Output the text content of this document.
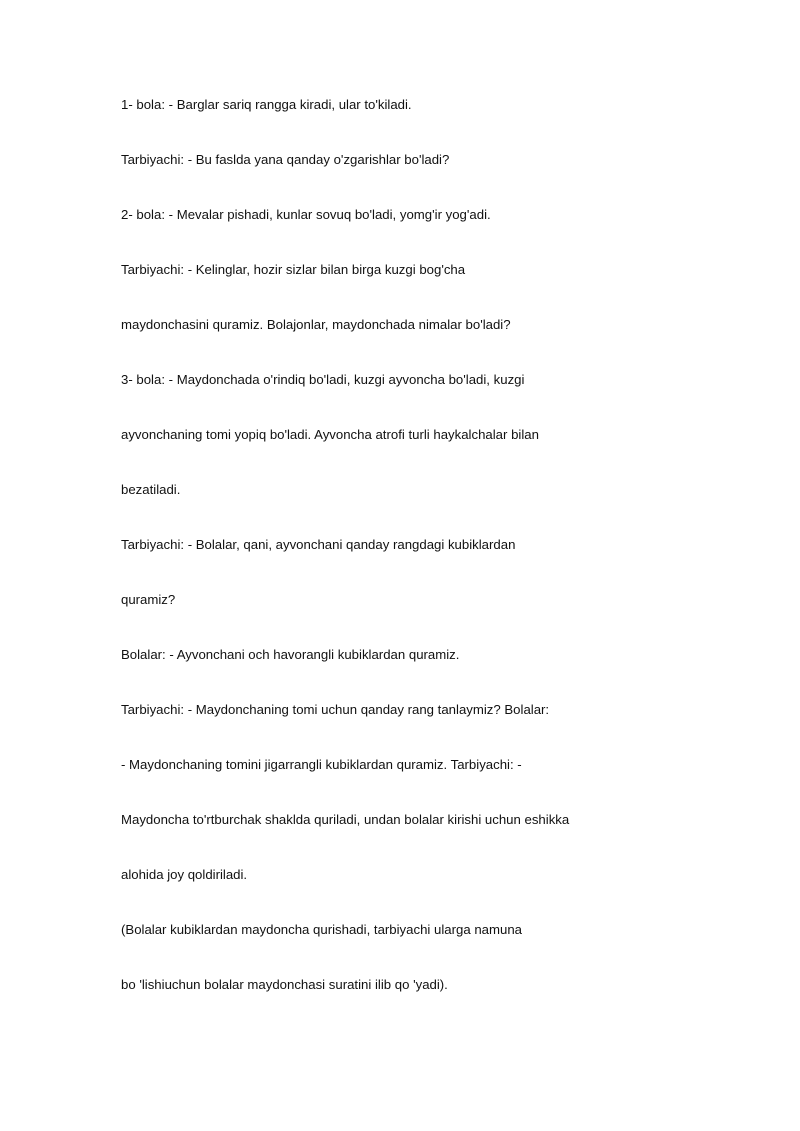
1- bola: - Barglar sariq rangga kiradi, ular to'kiladi.
Tarbiyachi: - Bu faslda yana qanday o'zgarishlar bo'ladi?
2- bola: - Mevalar pishadi, kunlar sovuq bo'ladi, yomg'ir yog'adi.
Tarbiyachi: - Kelinglar, hozir sizlar bilan birga kuzgi bog'cha
maydonchasini quramiz. Bolajonlar, maydonchada nimalar bo'ladi?
3- bola: - Maydonchada o'rindiq bo'ladi, kuzgi ayvoncha bo'ladi, kuzgi
ayvonchaning tomi yopiq bo'ladi. Ayvoncha atrofi turli haykalchalar bilan
bezatiladi.
Tarbiyachi: - Bolalar, qani, ayvonchani qanday rangdagi kubiklardan
quramiz?
Bolalar: - Ayvonchani och havorangli kubiklardan quramiz.
Tarbiyachi: - Maydonchaning tomi uchun qanday rang tanlaymiz? Bolalar:
- Maydonchaning tomini jigarrangli kubiklardan quramiz. Tarbiyachi: -
Maydoncha to'rtburchak shaklda quriladi, undan bolalar kirishi uchun eshikka
alohida joy qoldiriladi.
(Bolalar kubiklardan maydoncha qurishadi, tarbiyachi ularga namuna
bo 'lishiuchun bolalar maydonchasi suratini ilib qo 'yadi).
